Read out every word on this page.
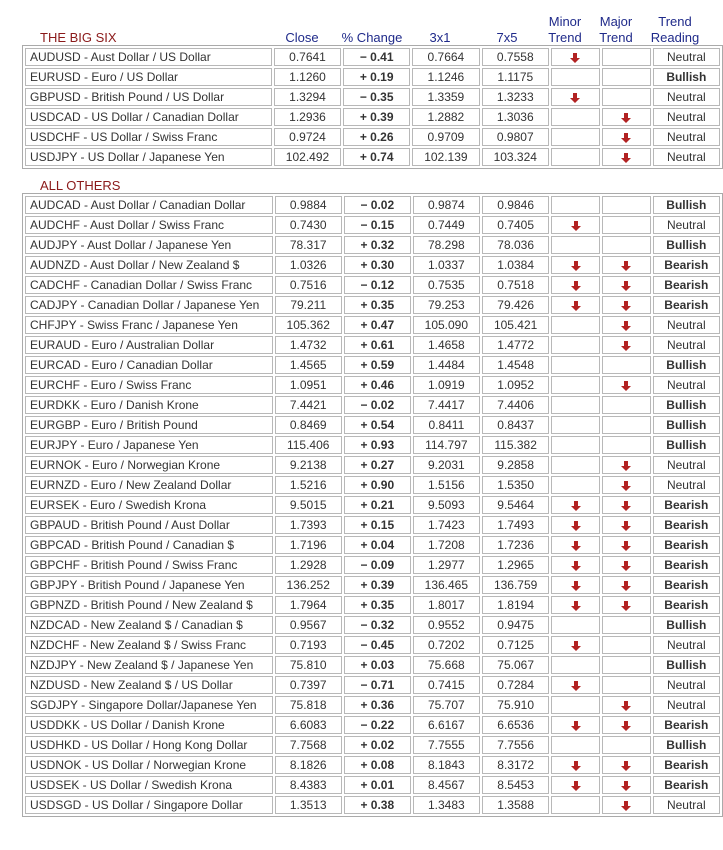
Close	% Change	3x1	7x5
Minor
Trend
Major
Trend
Trend
Reading
THE BIG SIX
AUDUSD - Aust Dollar / US Dollar	0.7641	− 0.41	0.7664	0.7558			Neutral
EURUSD - Euro / US Dollar	1.1260	+ 0.19	1.1246	1.1175			Bullish
GBPUSD - British Pound / US Dollar	1.3294	− 0.35	1.3359	1.3233			Neutral
USDCAD - US Dollar / Canadian Dollar	1.2936	+ 0.39	1.2882	1.3036			Neutral
USDCHF - US Dollar / Swiss Franc	0.9724	+ 0.26	0.9709	0.9807			Neutral
USDJPY - US Dollar / Japanese Yen	102.492	+ 0.74	102.139	103.324			Neutral
ALL OTHERS
AUDCAD - Aust Dollar / Canadian Dollar	0.9884	− 0.02	0.9874	0.9846			Bullish
AUDCHF - Aust Dollar / Swiss Franc	0.7430	− 0.15	0.7449	0.7405			Neutral
AUDJPY - Aust Dollar / Japanese Yen	78.317	+ 0.32	78.298	78.036			Bullish
AUDNZD - Aust Dollar / New Zealand $	1.0326	+ 0.30	1.0337	1.0384			Bearish
CADCHF - Canadian Dollar / Swiss Franc	0.7516	− 0.12	0.7535	0.7518			Bearish
CADJPY - Canadian Dollar / Japanese Yen	79.211	+ 0.35	79.253	79.426			Bearish
CHFJPY - Swiss Franc / Japanese Yen	105.362	+ 0.47	105.090	105.421			Neutral
EURAUD - Euro / Australian Dollar	1.4732	+ 0.61	1.4658	1.4772			Neutral
EURCAD - Euro / Canadian Dollar	1.4565	+ 0.59	1.4484	1.4548			Bullish
EURCHF - Euro / Swiss Franc	1.0951	+ 0.46	1.0919	1.0952			Neutral
EURDKK - Euro / Danish Krone	7.4421	− 0.02	7.4417	7.4406			Bullish
EURGBP - Euro / British Pound	0.8469	+ 0.54	0.8411	0.8437			Bullish
EURJPY - Euro / Japanese Yen	115.406	+ 0.93	114.797	115.382			Bullish
EURNOK - Euro / Norwegian Krone	9.2138	+ 0.27	9.2031	9.2858			Neutral
EURNZD - Euro / New Zealand Dollar	1.5216	+ 0.90	1.5156	1.5350			Neutral
EURSEK - Euro / Swedish Krona	9.5015	+ 0.21	9.5093	9.5464			Bearish
GBPAUD - British Pound / Aust Dollar	1.7393	+ 0.15	1.7423	1.7493			Bearish
GBPCAD - British Pound / Canadian $	1.7196	+ 0.04	1.7208	1.7236			Bearish
GBPCHF - British Pound / Swiss Franc	1.2928	− 0.09	1.2977	1.2965			Bearish
GBPJPY - British Pound / Japanese Yen	136.252	+ 0.39	136.465	136.759			Bearish
GBPNZD - British Pound / New Zealand $	1.7964	+ 0.35	1.8017	1.8194			Bearish
NZDCAD - New Zealand $ / Canadian $	0.9567	− 0.32	0.9552	0.9475			Bullish
NZDCHF - New Zealand $ / Swiss Franc	0.7193	− 0.45	0.7202	0.7125			Neutral
NZDJPY - New Zealand $ / Japanese Yen	75.810	+ 0.03	75.668	75.067			Bullish
NZDUSD - New Zealand $ / US Dollar	0.7397	− 0.71	0.7415	0.7284			Neutral
SGDJPY - Singapore Dollar/Japanese Yen	75.818	+ 0.36	75.707	75.910			Neutral
USDDKK - US Dollar / Danish Krone	6.6083	− 0.22	6.6167	6.6536			Bearish
USDHKD - US Dollar / Hong Kong Dollar	7.7568	+ 0.02	7.7555	7.7556			Bullish
USDNOK - US Dollar / Norwegian Krone	8.1826	+ 0.08	8.1843	8.3172			Bearish
USDSEK - US Dollar / Swedish Krona	8.4383	+ 0.01	8.4567	8.5453			Bearish
USDSGD - US Dollar / Singapore Dollar	1.3513	+ 0.38	1.3483	1.3588			Neutral
